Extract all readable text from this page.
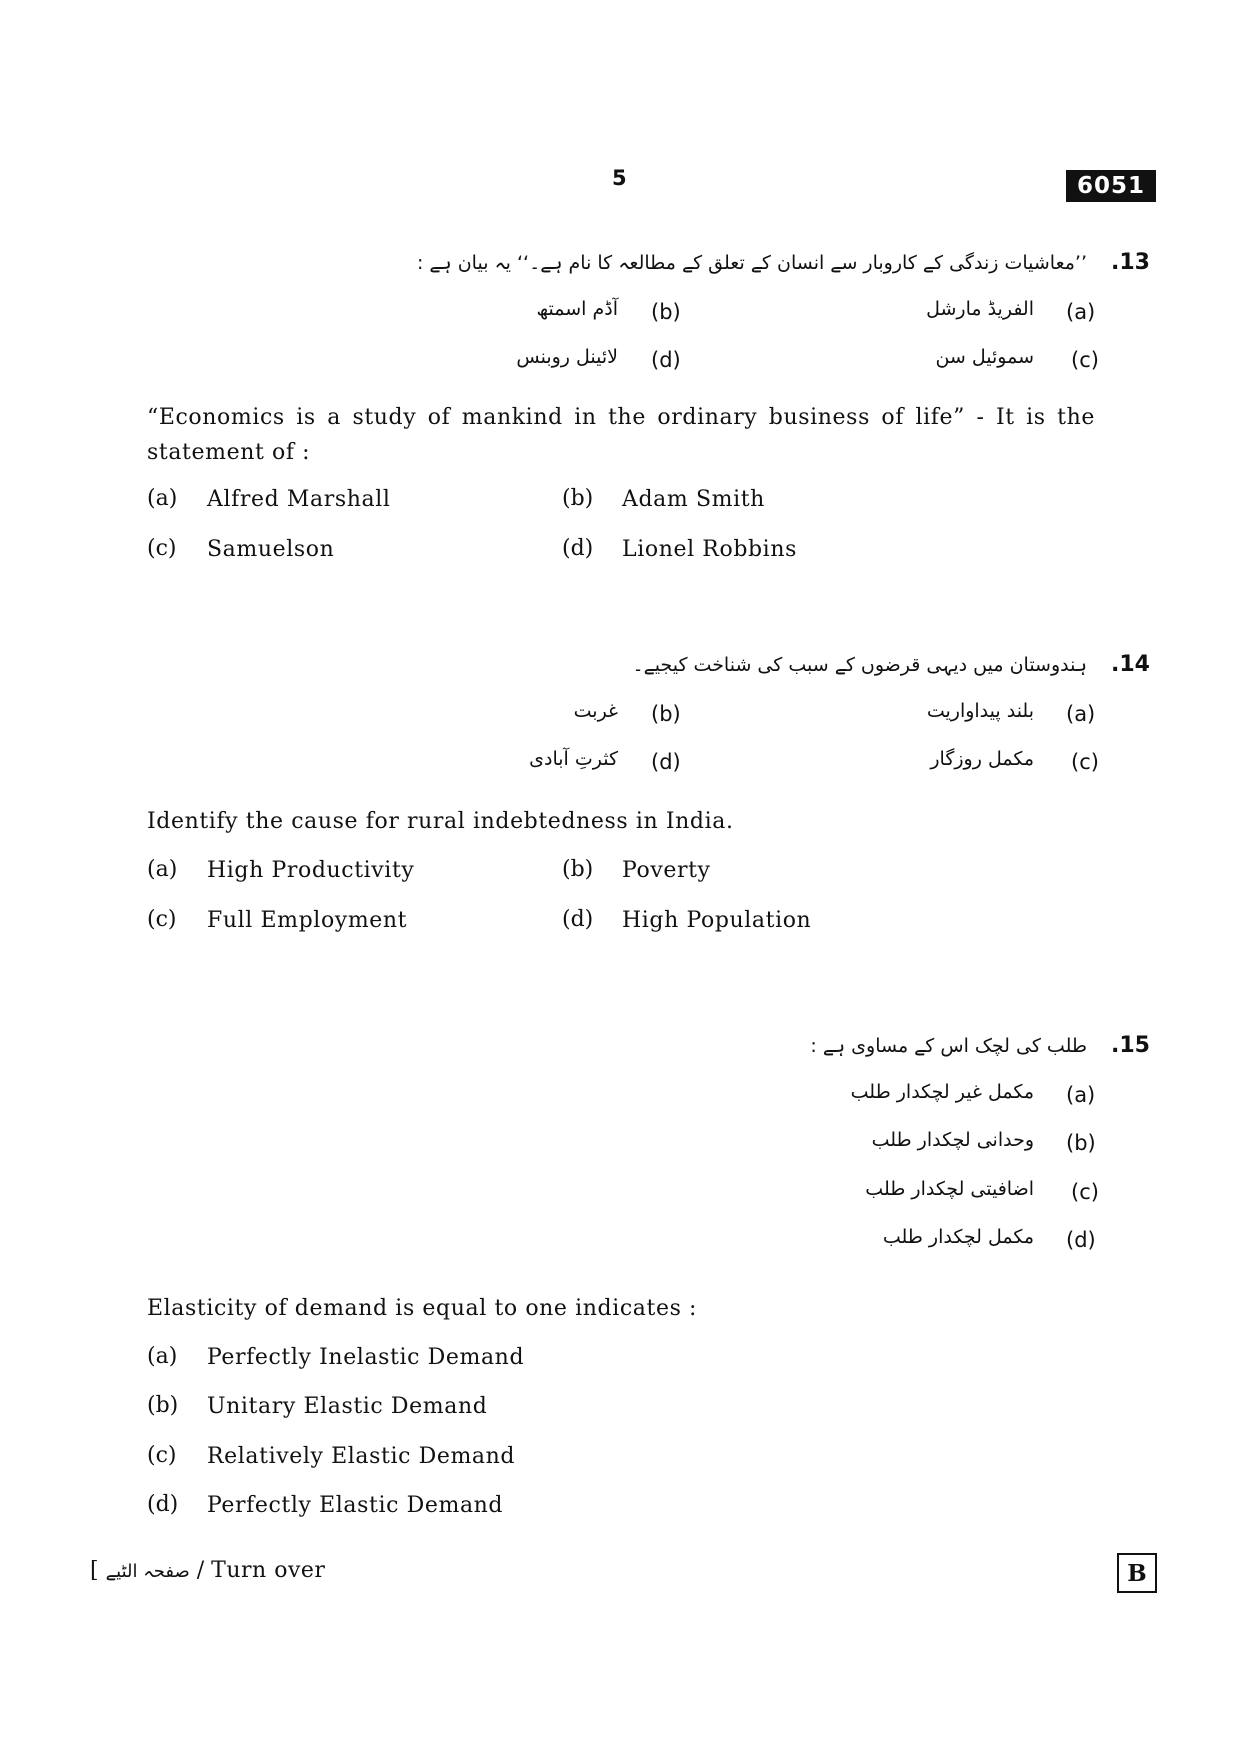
5	6051
.13
’’معاشیات زندگی کے کاروبار سے انسان کے تعلق کے مطالعہ کا نام ہے۔‘‘ یہ بیان ہے :
(a)
الفریڈ مارشل
(b)
آڈم اسمتھ
(c)
سموئیل سن
(d)
لائینل روبنس
“Economics is a study of mankind in the ordinary business of life” - It is the statement of :
(a) Alfred Marshall	(b) Adam Smith
(c) Samuelson	(d) Lionel Robbins
.14
ہندوستان میں دیہی قرضوں کے سبب کی شناخت کیجیے۔
(a)
بلند پیداواریت
(b)
غربت
(c)
مکمل روزگار
(d)
کثرتِ آبادی
Identify the cause for rural indebtedness in India.
(a) High Productivity	(b) Poverty
(c) Full Employment	(d) High Population
.15
طلب کی لچک اس کے مساوی ہے :
(a)
مکمل غیر لچکدار طلب
(b)
وحدانی لچکدار طلب
(c)
اضافیتی لچکدار طلب
(d)
مکمل لچکدار طلب
Elasticity of demand is equal to one indicates :
(a) Perfectly Inelastic Demand
(b) Unitary Elastic Demand
(c) Relatively Elastic Demand
(d) Perfectly Elastic Demand
[ صفحہ الٹیے / Turn over	B
